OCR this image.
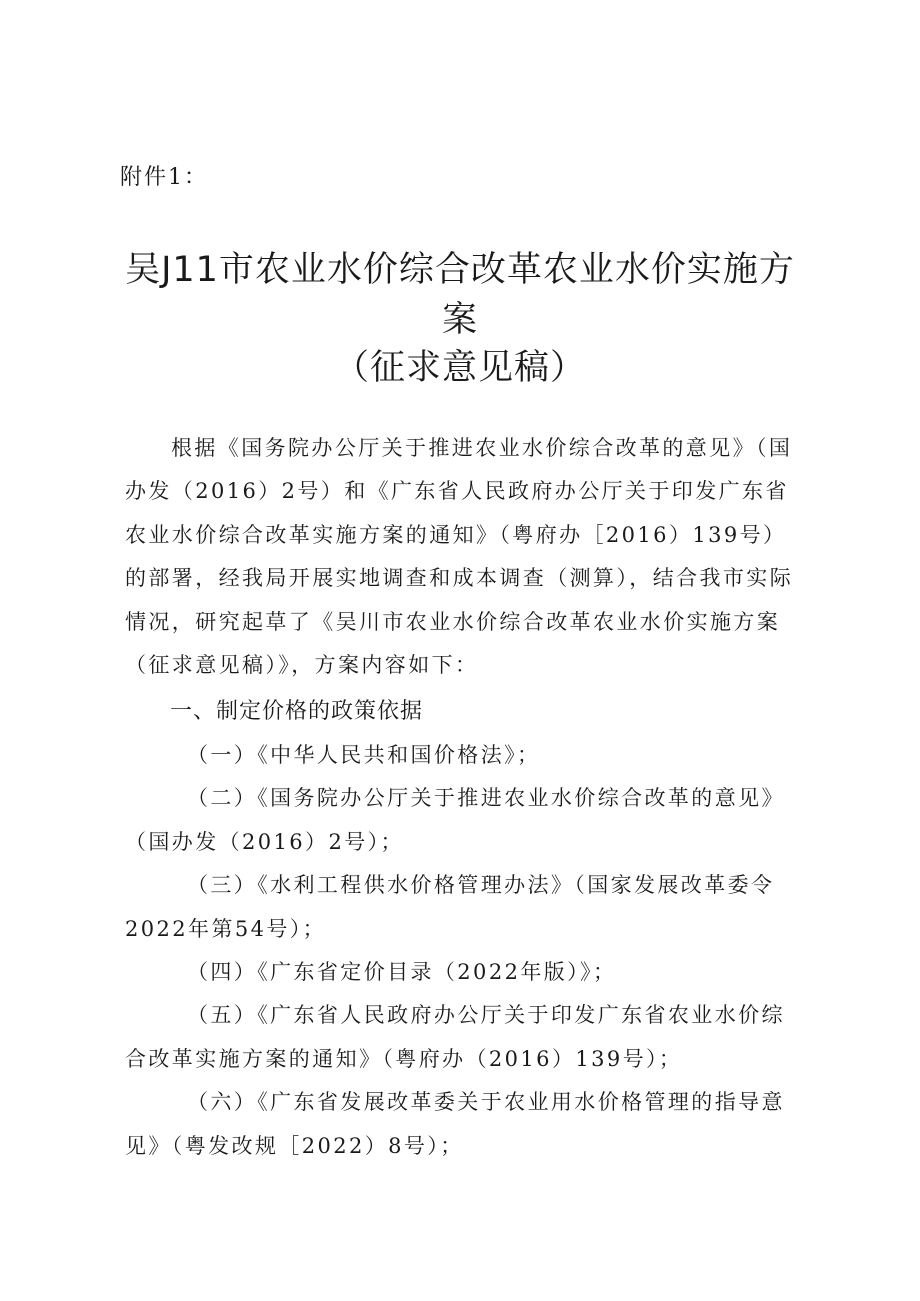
附件1：
吴J11市农业水价综合改革农业水价实施方
案
（征求意见稿）
根据《国务院办公厅关于推进农业水价综合改革的意见》（国办发（2016）2号）和《广东省人民政府办公厅关于印发广东省农业水价综合改革实施方案的通知》（粤府办［2016）139号）的部署，经我局开展实地调查和成本调查（测算），结合我市实际情况，研究起草了《吴川市农业水价综合改革农业水价实施方案（征求意见稿）》，方案内容如下：
一、制定价格的政策依据
（一）《中华人民共和国价格法》；
（二）《国务院办公厅关于推进农业水价综合改革的意见》（国办发（2016）2号）；
（三）《水利工程供水价格管理办法》（国家发展改革委令2022年第54号）；
（四）《广东省定价目录（2022年版）》；
（五）《广东省人民政府办公厅关于印发广东省农业水价综合改革实施方案的通知》（粤府办（2016）139号）；
（六）《广东省发展改革委关于农业用水价格管理的指导意见》（粤发改规［2022）8号）；
